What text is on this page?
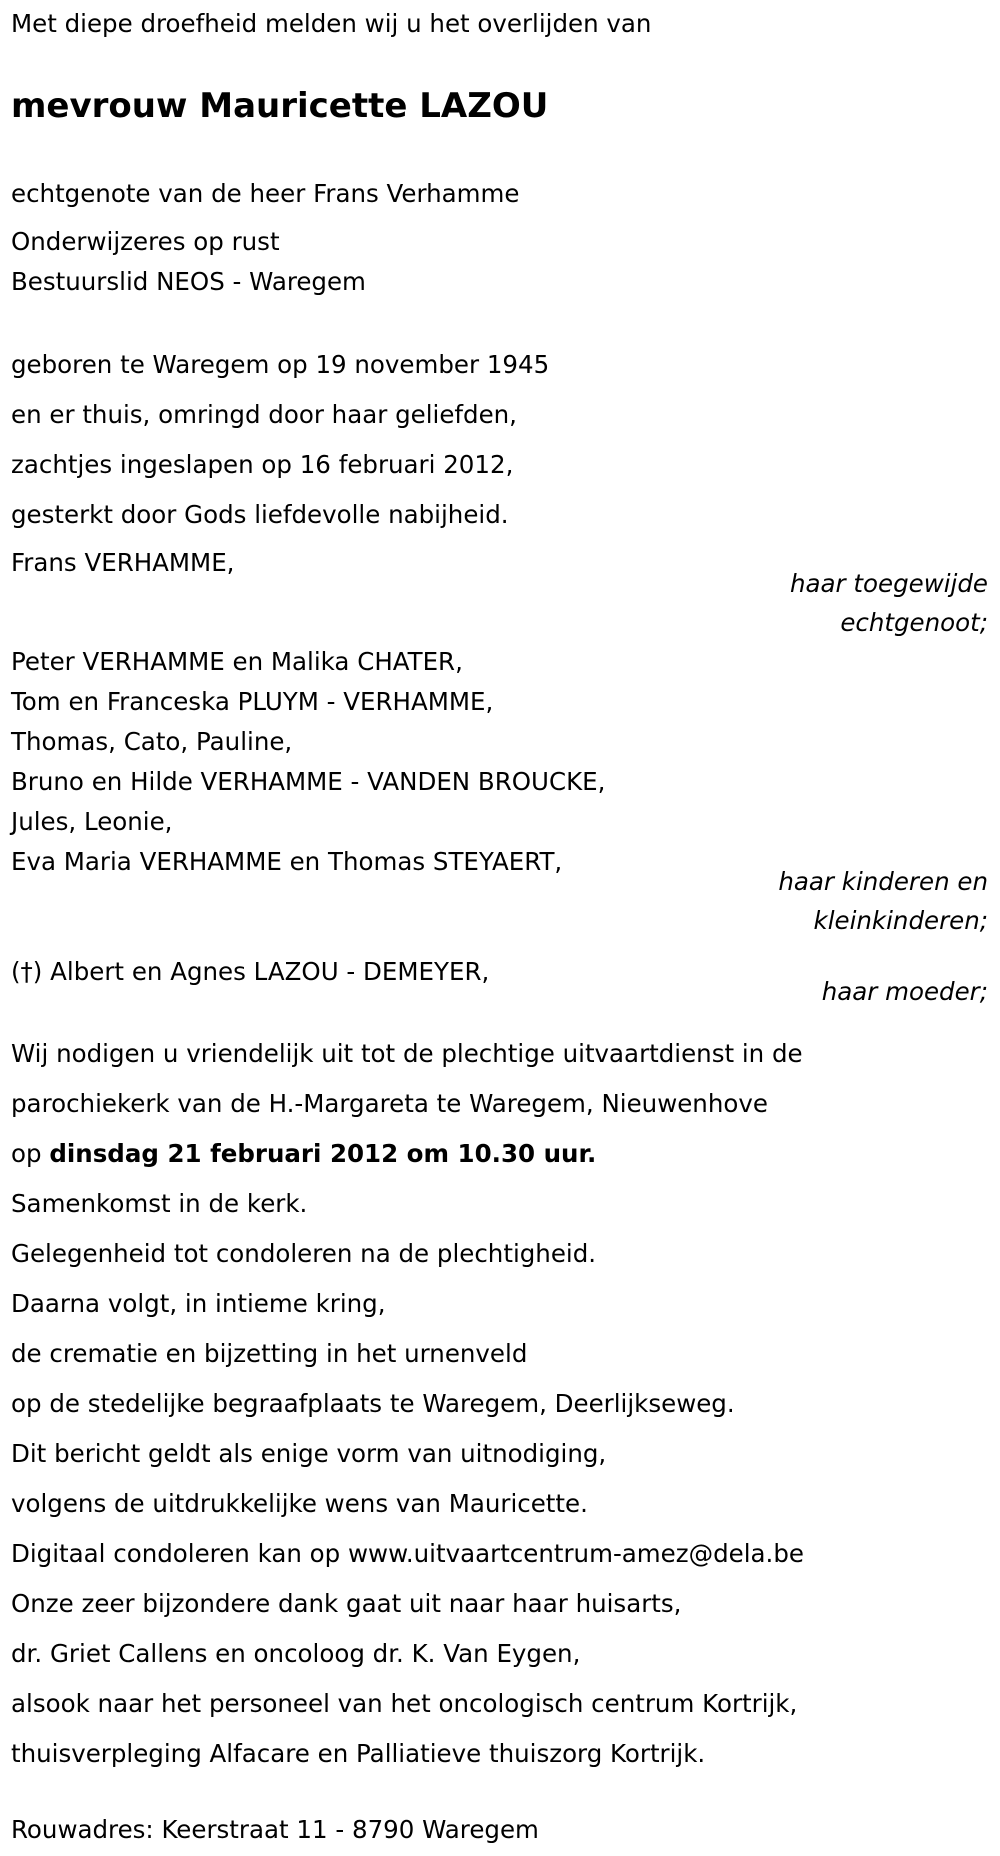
Met diepe droefheid melden wij u het overlijden van
mevrouw Mauricette LAZOU
echtgenote van de heer Frans Verhamme
Onderwijzeres op rust
Bestuurslid NEOS - Waregem
geboren te Waregem op 19 november 1945
en er thuis, omringd door haar geliefden,
zachtjes ingeslapen op 16 februari 2012,
gesterkt door Gods liefdevolle nabijheid.
Frans VERHAMME,
haar toegewijde
echtgenoot;
Peter VERHAMME en Malika CHATER,
Tom en Franceska PLUYM - VERHAMME,
Thomas, Cato, Pauline,
Bruno en Hilde VERHAMME - VANDEN BROUCKE,
Jules, Leonie,
Eva Maria VERHAMME en Thomas STEYAERT,
haar kinderen en
kleinkinderen;
(†) Albert en Agnes LAZOU - DEMEYER,
haar moeder;
Wij nodigen u vriendelijk uit tot de plechtige uitvaartdienst in de
parochiekerk van de H.-Margareta te Waregem, Nieuwenhove
op dinsdag 21 februari 2012 om 10.30 uur.
Samenkomst in de kerk.
Gelegenheid tot condoleren na de plechtigheid.
Daarna volgt, in intieme kring,
de crematie en bijzetting in het urnenveld
op de stedelijke begraafplaats te Waregem, Deerlijkseweg.
Dit bericht geldt als enige vorm van uitnodiging,
volgens de uitdrukkelijke wens van Mauricette.
Digitaal condoleren kan op www.uitvaartcentrum-amez@dela.be
Onze zeer bijzondere dank gaat uit naar haar huisarts,
dr. Griet Callens en oncoloog dr. K. Van Eygen,
alsook naar het personeel van het oncologisch centrum Kortrijk,
thuisverpleging Alfacare en Palliatieve thuiszorg Kortrijk.
Rouwadres: Keerstraat 11 - 8790 Waregem
